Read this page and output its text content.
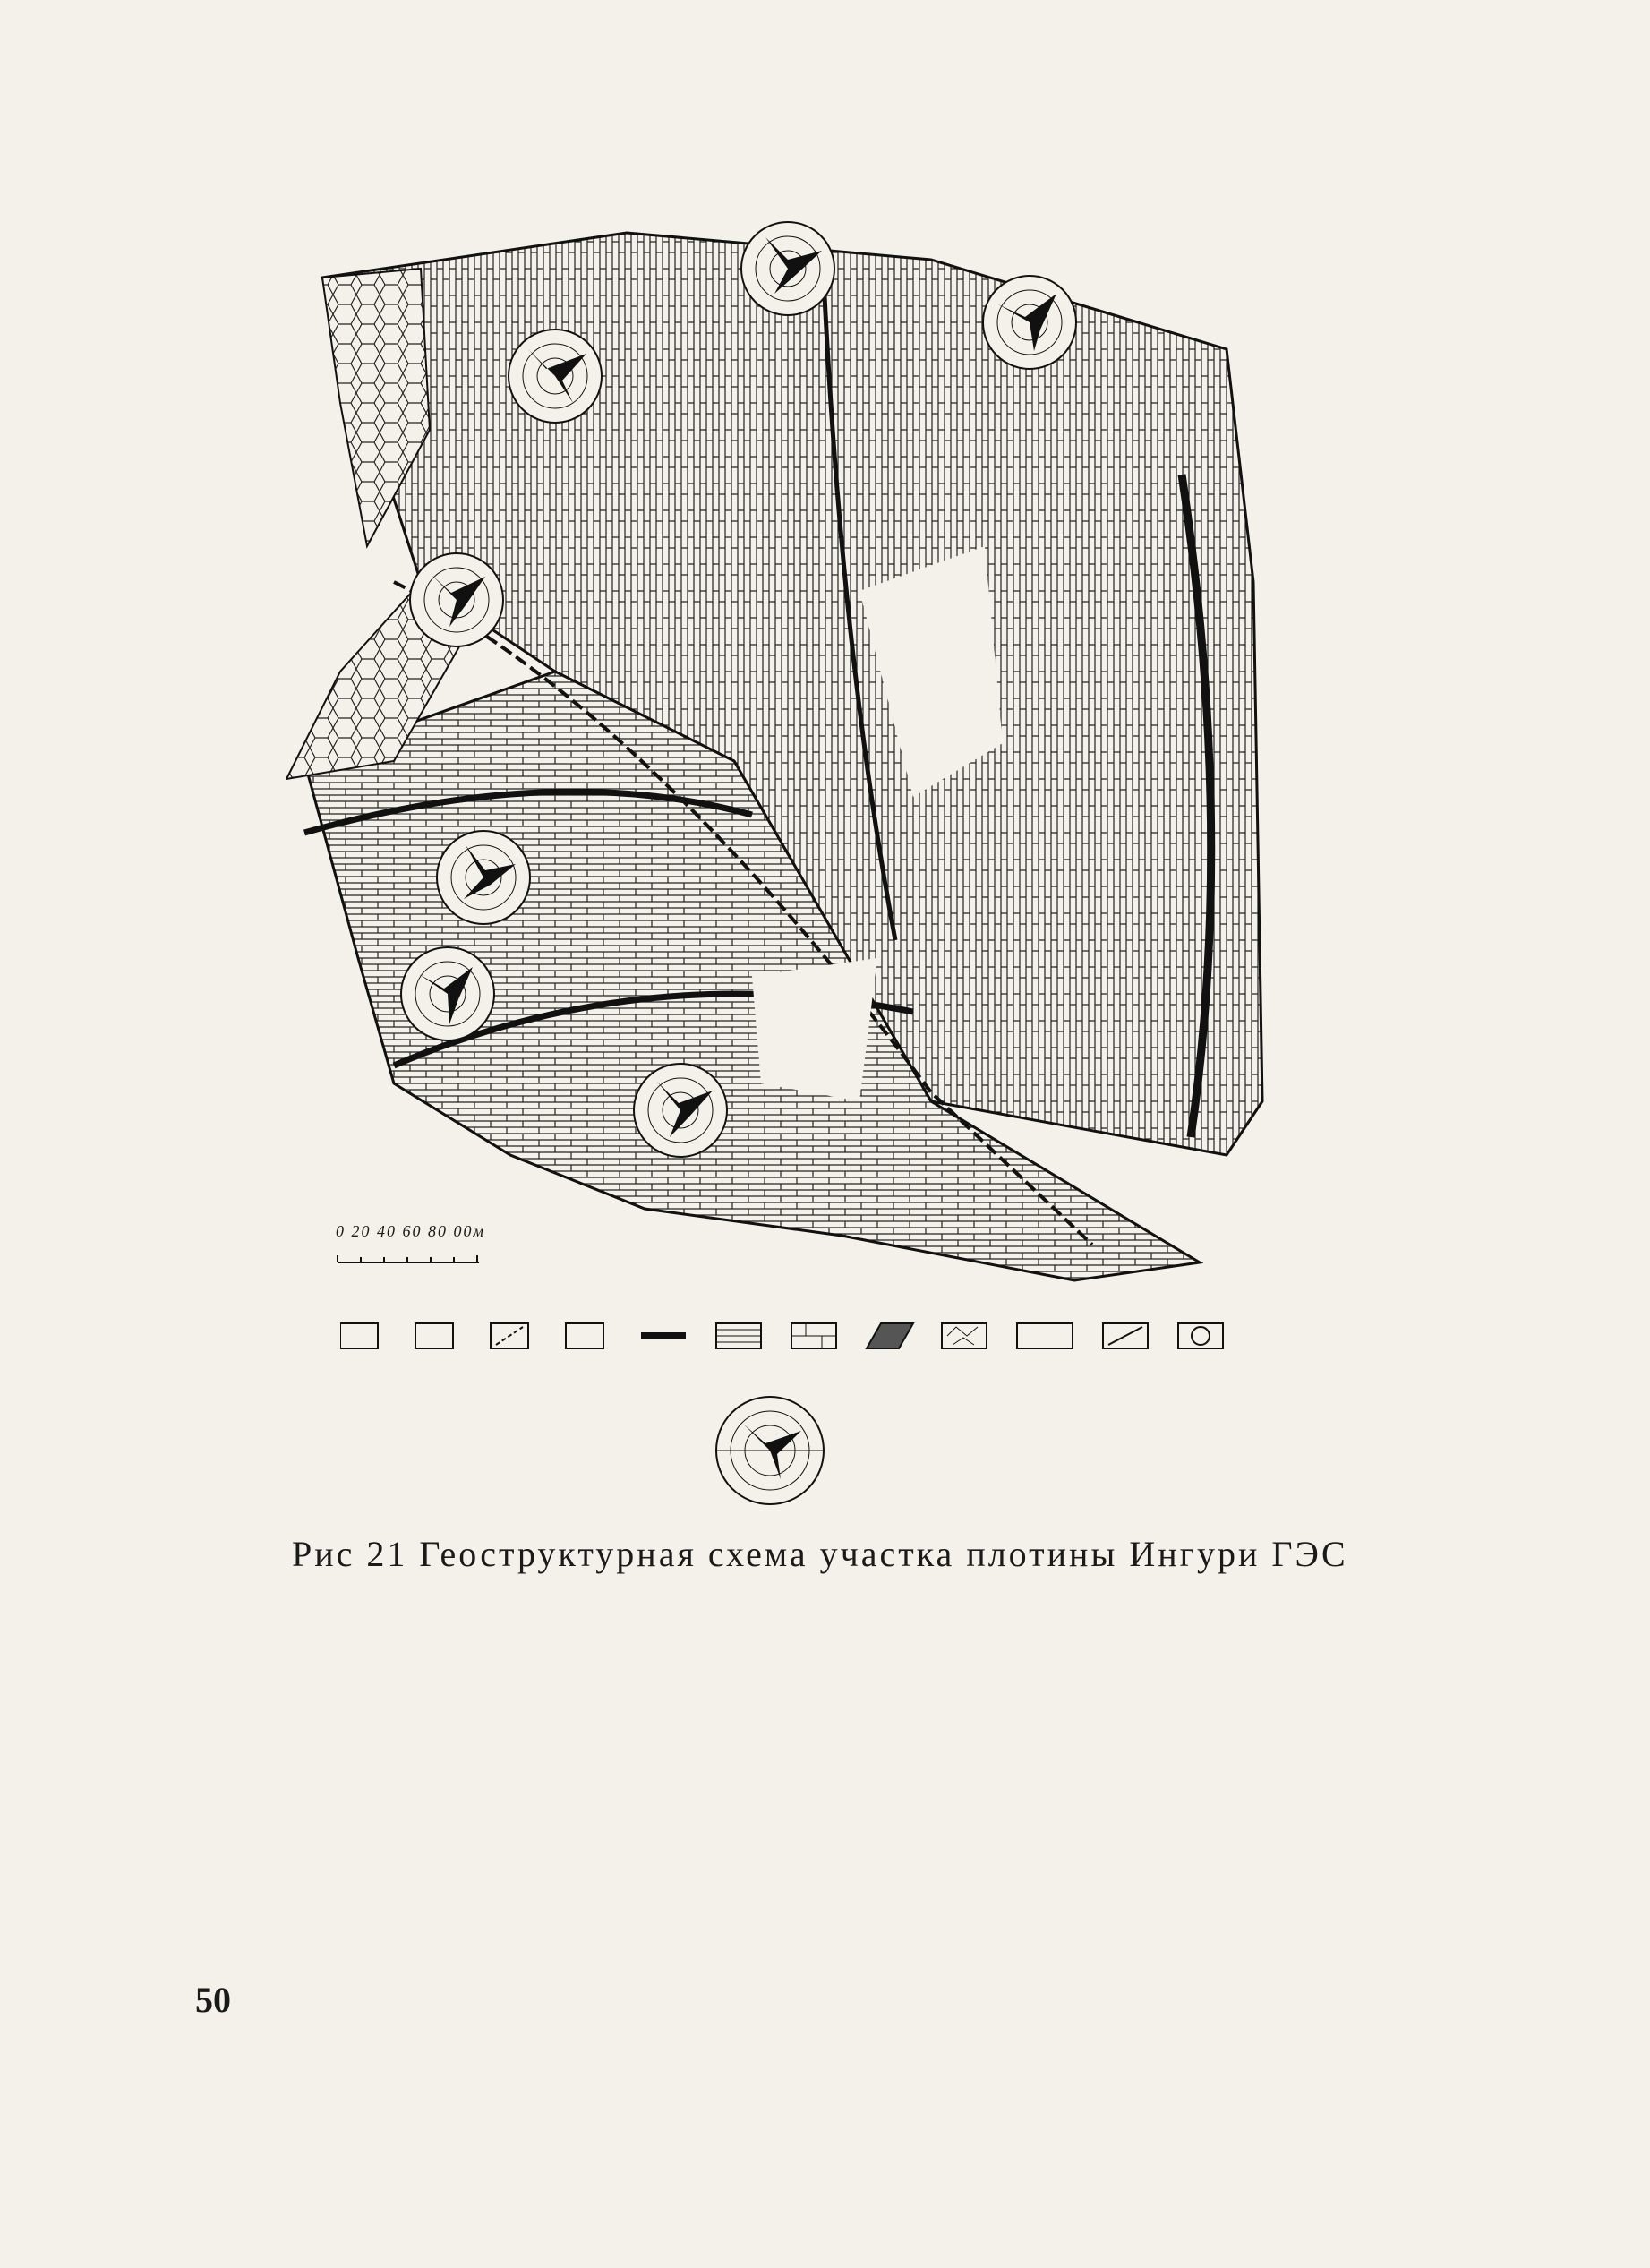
0 20 40 60 80 00м
Рис 21 Геоструктурная схема участка плотины Ингури ГЭС
50
